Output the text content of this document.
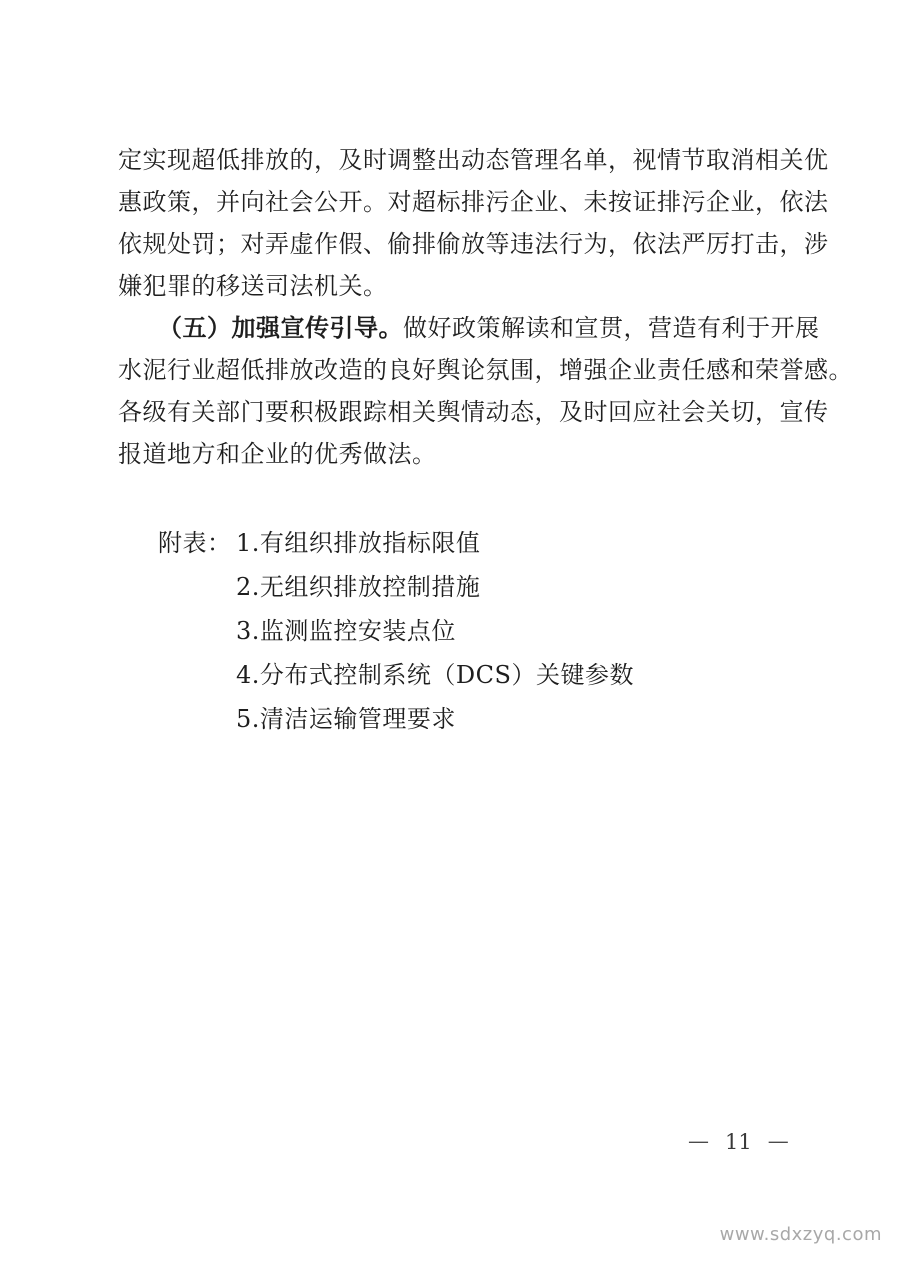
定实现超低排放的，及时调整出动态管理名单，视情节取消相关优
惠政策，并向社会公开。对超标排污企业、未按证排污企业，依法
依规处罚；对弄虚作假、偷排偷放等违法行为，依法严厉打击，涉
嫌犯罪的移送司法机关。
（五）加强宣传引导。做好政策解读和宣贯，营造有利于开展
水泥行业超低排放改造的良好舆论氛围，增强企业责任感和荣誉感。
各级有关部门要积极跟踪相关舆情动态，及时回应社会关切，宣传
报道地方和企业的优秀做法。
附表： 1.有组织排放指标限值
2.无组织排放控制措施
3.监测监控安装点位
4.分布式控制系统（DCS）关键参数
5.清洁运输管理要求
— 11 —
www.sdxzyq.com
